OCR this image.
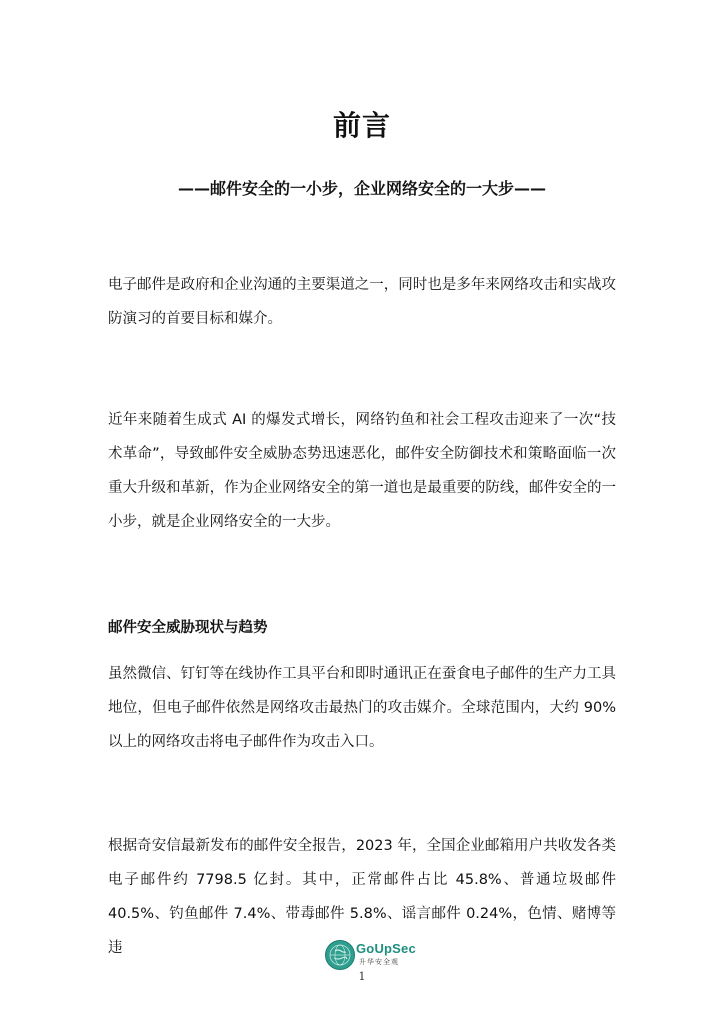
前言
——邮件安全的一小步，企业网络安全的一大步——

电子邮件是政府和企业沟通的主要渠道之一，同时也是多年来网络攻击和实战攻防演习的首要目标和媒介。

近年来随着生成式 AI 的爆发式增长，网络钓鱼和社会工程攻击迎来了一次“技术革命”，导致邮件安全威胁态势迅速恶化，邮件安全防御技术和策略面临一次重大升级和革新，作为企业网络安全的第一道也是最重要的防线，邮件安全的一小步，就是企业网络安全的一大步。

邮件安全威胁现状与趋势

虽然微信、钉钉等在线协作工具平台和即时通讯正在蚕食电子邮件的生产力工具地位，但电子邮件依然是网络攻击最热门的攻击媒介。全球范围内，大约 90%以上的网络攻击将电子邮件作为攻击入口。

根据奇安信最新发布的邮件安全报告，2023 年，全国企业邮箱用户共收发各类电子邮件约 7798.5 亿封。其中，正常邮件占比 45.8%、普通垃圾邮件 40.5%、钓鱼邮件 7.4%、带毒邮件 5.8%、谣言邮件 0.24%，色情、赌博等违	GoUpSec
升华安全观
1
